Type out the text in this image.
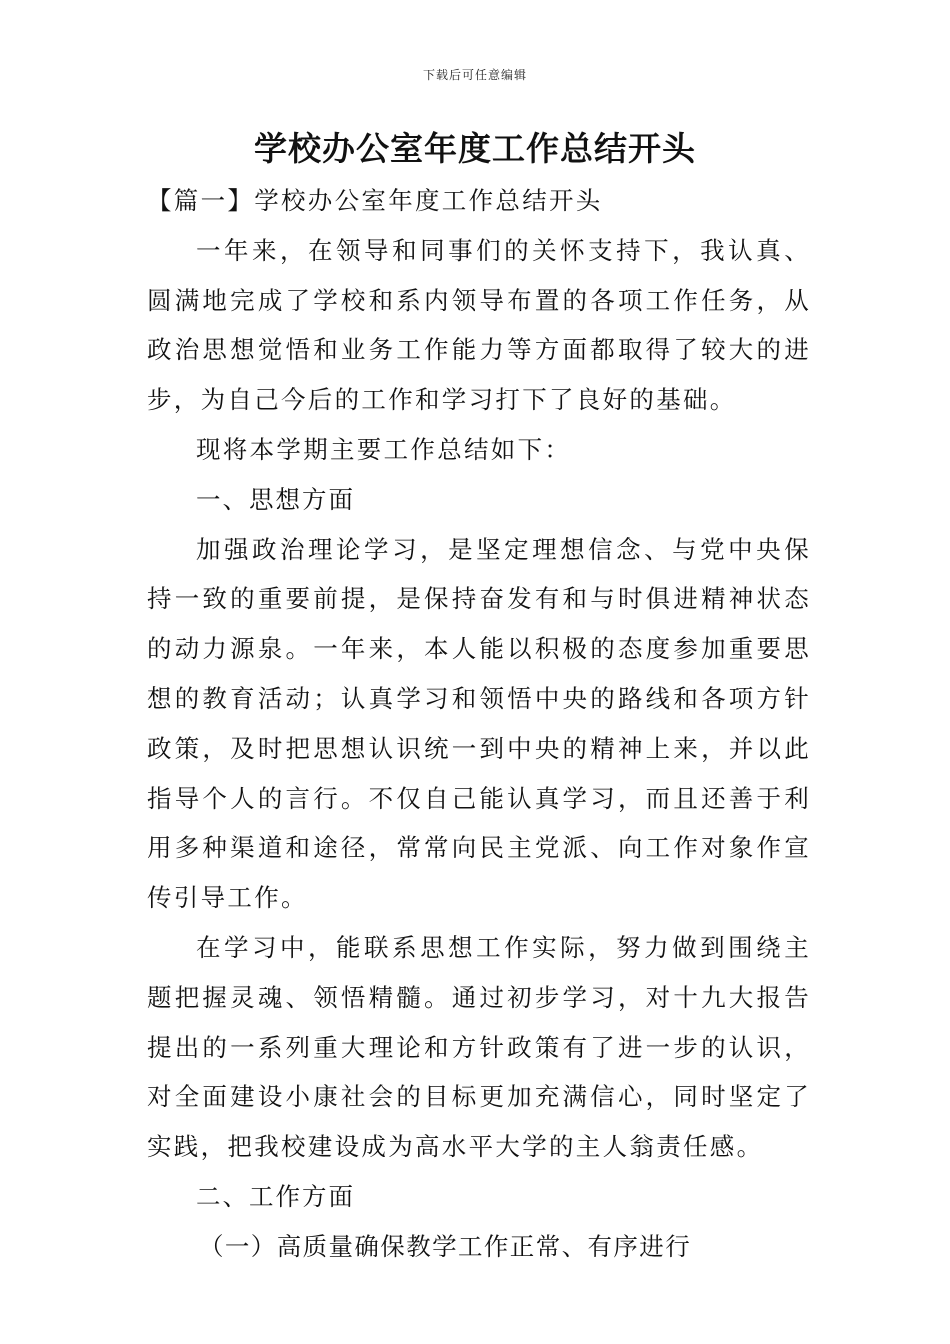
下载后可任意编辑
学校办公室年度工作总结开头

【篇一】学校办公室年度工作总结开头

一年来，在领导和同事们的关怀支持下，我认真、圆满地完成了学校和系内领导布置的各项工作任务，从政治思想觉悟和业务工作能力等方面都取得了较大的进步，为自己今后的工作和学习打下了良好的基础。

现将本学期主要工作总结如下：

一、思想方面

加强政治理论学习，是坚定理想信念、与党中央保持一致的重要前提，是保持奋发有和与时俱进精神状态的动力源泉。一年来，本人能以积极的态度参加重要思想的教育活动；认真学习和领悟中央的路线和各项方针政策，及时把思想认识统一到中央的精神上来，并以此指导个人的言行。不仅自己能认真学习，而且还善于利用多种渠道和途径，常常向民主党派、向工作对象作宣传引导工作。

在学习中，能联系思想工作实际，努力做到围绕主题把握灵魂、领悟精髓。通过初步学习，对十九大报告提出的一系列重大理论和方针政策有了进一步的认识，对全面建设小康社会的目标更加充满信心，同时坚定了实践，把我校建设成为高水平大学的主人翁责任感。

二、工作方面

（一）高质量确保教学工作正常、有序进行
